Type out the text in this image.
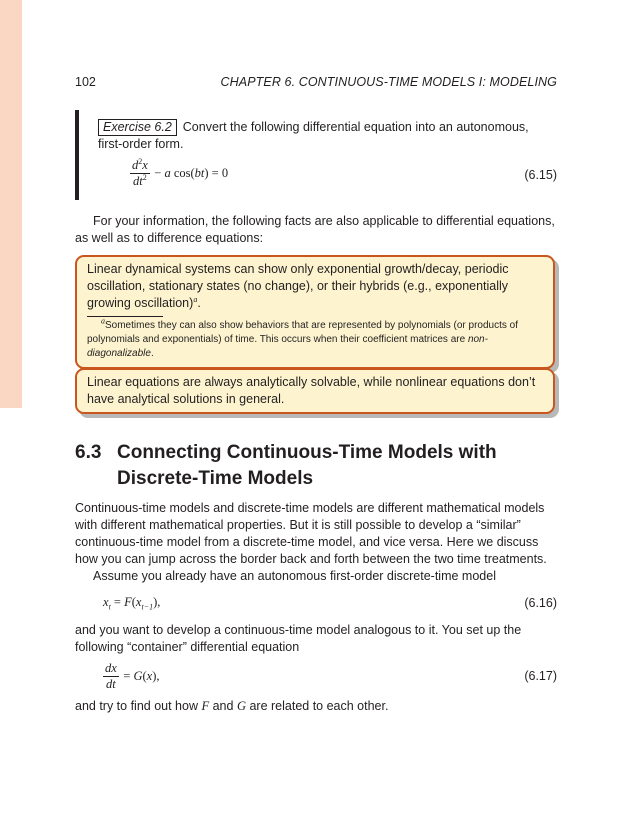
102	CHAPTER 6. CONTINUOUS-TIME MODELS I: MODELING
Exercise 6.2 Convert the following differential equation into an autonomous, first-order form.
$\frac{d^2x}{dt^2} - a$ cos(bt) = 0	(6.15)
For your information, the following facts are also applicable to differential equations, as well as to difference equations:
Linear dynamical systems can show only exponential growth/decay, periodic oscillation, stationary states (no change), or their hybrids (e.g., exponentially growing oscillation)$^a$.
$^a$Sometimes they can also show behaviors that are represented by polynomials (or products of polynomials and exponentials) of time. This occurs when their coefficient matrices are non-diagonalizable.
Linear equations are always analytically solvable, while nonlinear equations don’t have analytical solutions in general.
6.3 Connecting Continuous-Time Models with Discrete-Time Models
Continuous-time models and discrete-time models are different mathematical models with different mathematical properties. But it is still possible to develop a “similar” continuous-time model from a discrete-time model, and vice versa. Here we discuss how you can jump across the border back and forth between the two time treatments.
Assume you already have an autonomous first-order discrete-time model
$x_t = F(x_{t-1})$,	(6.16)
and you want to develop a continuous-time model analogous to it. You set up the following “container” differential equation
$\frac{dx}{dt} = G(x)$,	(6.17)
and try to find out how F and G are related to each other.
